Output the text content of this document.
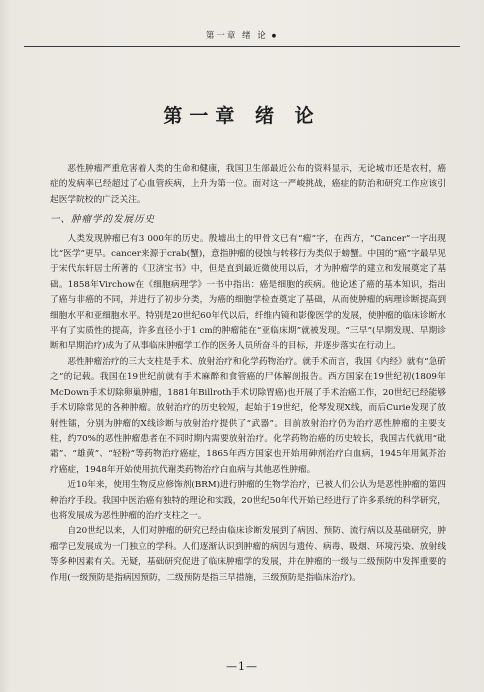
第一章 绪 论 ●
第一章 绪 论

恶性肿瘤严重危害着人类的生命和健康，我国卫生部最近公布的资料显示，无论城市还是农村，癌症的发病率已经超过了心血管疾病，上升为第一位。面对这一严峻挑战，癌症的防治和研究工作应该引起医学院校的广泛关注。

一、肿瘤学的发展历史

人类发现肿瘤已有3 000年的历史。殷墟出土的甲骨文已有“瘤”字，在西方，“Cancer”一字出现比“医学”更早。cancer来源于crab(蟹)，意指肿瘤的侵蚀与转移行为类似于螃蟹。中国的“癌”字最早见于宋代东轩居士所著的《卫济宝书》中，但是直到最近微使用以后，才为肿瘤学的建立和发展奠定了基础。1858年Virchow在《细胞病理学》一书中指出：癌是细胞的疾病。他论述了癌的基本知识，指出了癌与非癌的不同，并进行了初步分类，为癌的细胞学检查奠定了基础，从而使肿瘤的病理诊断提高到细胞水平和亚细胞水平。特别是20世纪60年代以后，纤维内镜和影像医学的发展，使肿瘤的临床诊断水平有了实质性的提高，许多直径小于1 cm的肿瘤能在“亚临床期”就被发现。“三早”(早期发现、早期诊断和早期治疗)成为了从事临床肿瘤学工作的医务人员所奋斗的目标，并逐步落实在行动上。

恶性肿瘤治疗的三大支柱是手术、放射治疗和化学药物治疗。就手术而言，我国《内经》就有“急斫之”的记载。我国在19世纪前就有手术麻醉和食管癌的尸体解剖报告。西方国家在19世纪初(1809年McDown手术切除卵巢肿瘤，1881年Billroth手术切除胃癌)也开展了手术治癌工作，20世纪已经能够手术切除常见的各种肿瘤。放射治疗的历史较短，起始于19世纪，伦琴发现X线，而后Curie发现了放射性镭，分别为肿瘤的X线诊断与放射治疗提供了“武器”。目前放射治疗仍为治疗恶性肿瘤的主要支柱，约70%的恶性肿瘤患者在不同时期内需要放射治疗。化学药物治癌的历史较长，我国古代就用“砒霜”、“雄黄”、“轻粉”等药物治疗癌症，1865年西方国家也开始用砷剂治疗白血病，1945年用氮芥治疗癌症，1948年开始使用抗代谢类药物治疗白血病与其他恶性肿瘤。

近10年来，使用生物反应修饰剂(BRM)进行肿瘤的生物学治疗，已被人们公认为是恶性肿瘤的第四种治疗手段。我国中医治癌有独特的理论和实践，20世纪50年代开始已经进行了许多系统的科学研究，也将发展成为恶性肿瘤的治疗支柱之一。

自20世纪以来，人们对肿瘤的研究已经由临床诊断发展到了病因、预防、流行病以及基础研究，肿瘤学已发展成为一门独立的学科。人们逐渐认识到肿瘤的病因与遗传、病毒、吸烟、环境污染、放射线等多种因素有关。无疑，基础研究促进了临床肿瘤学的发展，并在肿瘤的一级与二级预防中发挥重要的作用(一级预防是指病因预防，二级预防是指三早措施，三级预防是指临床治疗)。

—1—
